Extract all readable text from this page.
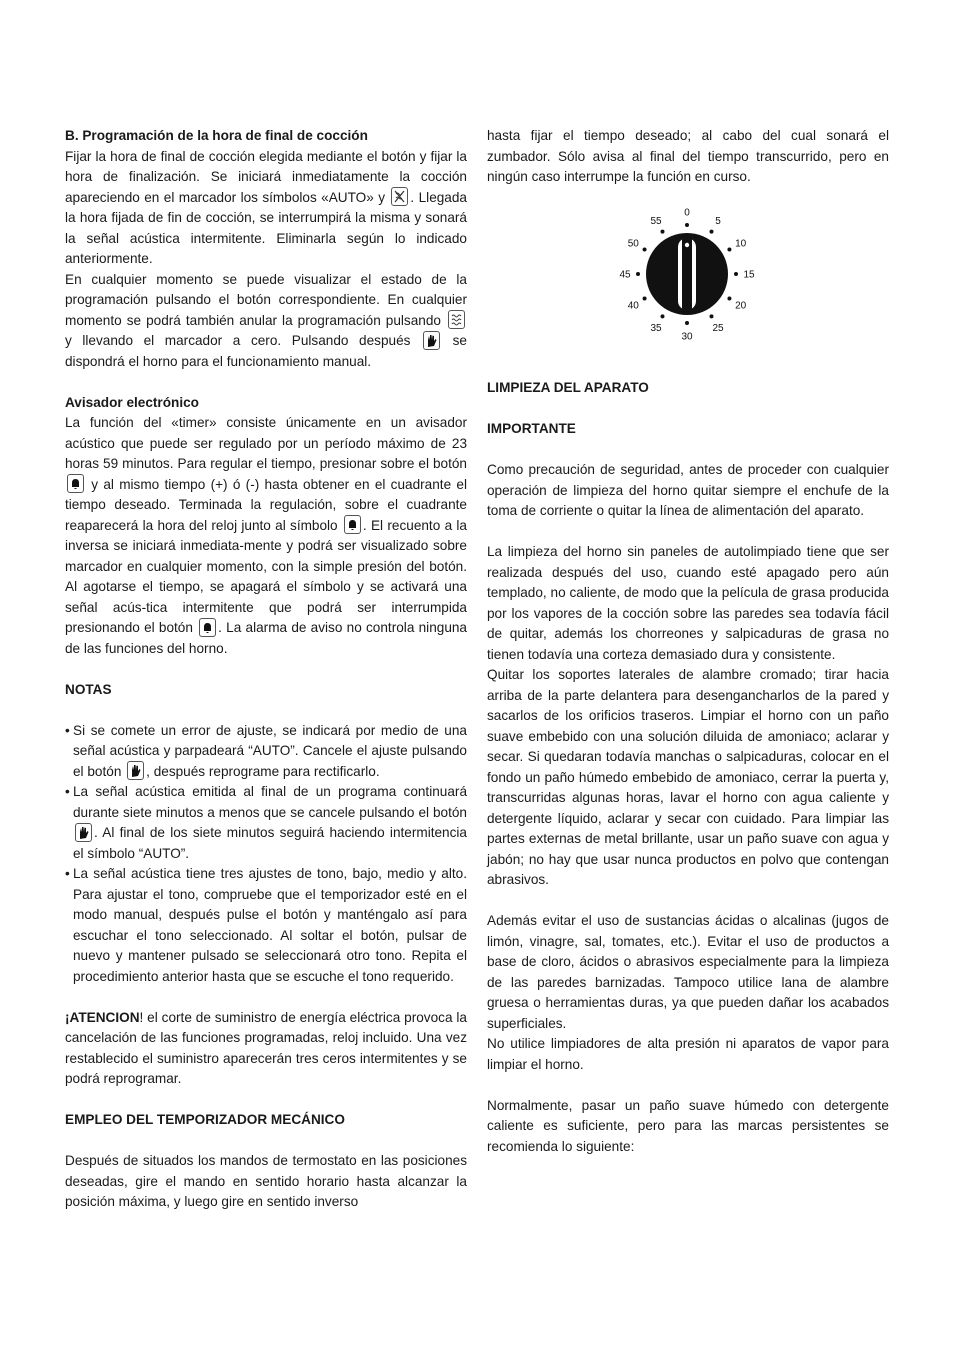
B. Programación de la hora de final de cocción

Fijar la hora de final de cocción elegida mediante el botón y fijar la hora de finalización. Se iniciará inmediatamente la cocción apareciendo en el marcador los símbolos «AUTO» y
. Llegada la hora fijada de fin de cocción, se interrumpirá la misma y sonará la señal acústica intermitente. Eliminarla según lo indicado anteriormente.

En cualquier momento se puede visualizar el estado de la programación pulsando el botón correspondiente. En cualquier momento se podrá también anular la programación pulsando
y llevando el marcador a cero. Pulsando después
se dispondrá el horno para el funcionamiento manual.

Avisador electrónico

La función del «timer» consiste únicamente en un avisador acústico que puede ser regulado por un período máximo de 23 horas 59 minutos. Para regular el tiempo, presionar sobre el botón
y al mismo tiempo (+) ó (-) hasta obtener en el cuadrante el tiempo deseado. Terminada la regulación, sobre el cuadrante reaparecerá la hora del reloj junto al símbolo
. El recuento a la inversa se iniciará inmediata-mente y podrá ser visualizado sobre marcador en cualquier momento, con la simple presión del botón. Al agotarse el tiempo, se apagará el símbolo y se activará una señal acús-tica intermitente que podrá ser interrumpida presionando el botón
. La alarma de aviso no controla ninguna de las funciones del horno.

NOTAS

• Si se comete un error de ajuste, se indicará por medio de una señal acústica y parpadeará “AUTO”. Cancele el ajuste pulsando el botón
, después reprograme para rectificarlo.
• La señal acústica emitida al final de un programa continuará durante siete minutos a menos que se cancele pulsando el botón
. Al final de los siete minutos seguirá haciendo intermitencia el símbolo “AUTO”.
• La señal acústica tiene tres ajustes de tono, bajo, medio y alto. Para ajustar el tono, compruebe que el temporizador esté en el modo manual, después pulse el botón y manténgalo así para escuchar el tono seleccionado. Al soltar el botón, pulsar de nuevo y mantener pulsado se seleccionará otro tono. Repita el procedimiento anterior hasta que se escuche el tono requerido.

¡ATENCION! el corte de suministro de energía eléctrica provoca la cancelación de las funciones programadas, reloj incluido. Una vez restablecido el suministro aparecerán tres ceros intermitentes y se podrá reprogramar.

EMPLEO DEL TEMPORIZADOR MECÁNICO

Después de situados los mandos de termostato en las posiciones deseadas, gire el mando en sentido horario hasta alcanzar la posición máxima, y luego gire en sentido inverso

hasta fijar el tiempo deseado; al cabo del cual sonará el zumbador. Sólo avisa al final del tiempo transcurrido, pero en ningún caso interrumpe la función en curso.

0
5
10
15
20
25
30
35
40
45
50
55

LIMPIEZA DEL APARATO

IMPORTANTE

Como precaución de seguridad, antes de proceder con cualquier operación de limpieza del horno quitar siempre el enchufe de la toma de corriente o quitar la línea de alimentación del aparato.

La limpieza del horno sin paneles de autolimpiado tiene que ser realizada después del uso, cuando esté apagado pero aún templado, no caliente, de modo que la película de grasa producida por los vapores de la cocción sobre las paredes sea todavía fácil de quitar, además los chorreones y salpicaduras de grasa no tienen todavía una corteza demasiado dura y consistente.

Quitar los soportes laterales de alambre cromado; tirar hacia arriba de la parte delantera para desengancharlos de la pared y sacarlos de los orificios traseros. Limpiar el horno con un paño suave embebido con una solución diluida de amoniaco; aclarar y secar. Si quedaran todavía manchas o salpicaduras, colocar en el fondo un paño húmedo embebido de amoniaco, cerrar la puerta y, transcurridas algunas horas, lavar el horno con agua caliente y detergente líquido, aclarar y secar con cuidado. Para limpiar las partes externas de metal brillante, usar un paño suave con agua y jabón; no hay que usar nunca productos en polvo que contengan abrasivos.

Además evitar el uso de sustancias ácidas o alcalinas (jugos de limón, vinagre, sal, tomates, etc.). Evitar el uso de productos a base de cloro, ácidos o abrasivos especialmente para la limpieza de las paredes barnizadas. Tampoco utilice lana de alambre gruesa o herramientas duras, ya que pueden dañar los acabados superficiales.

No utilice limpiadores de alta presión ni aparatos de vapor para limpiar el horno.

Normalmente, pasar un paño suave húmedo con detergente caliente es suficiente, pero para las marcas persistentes se recomienda lo siguiente:
